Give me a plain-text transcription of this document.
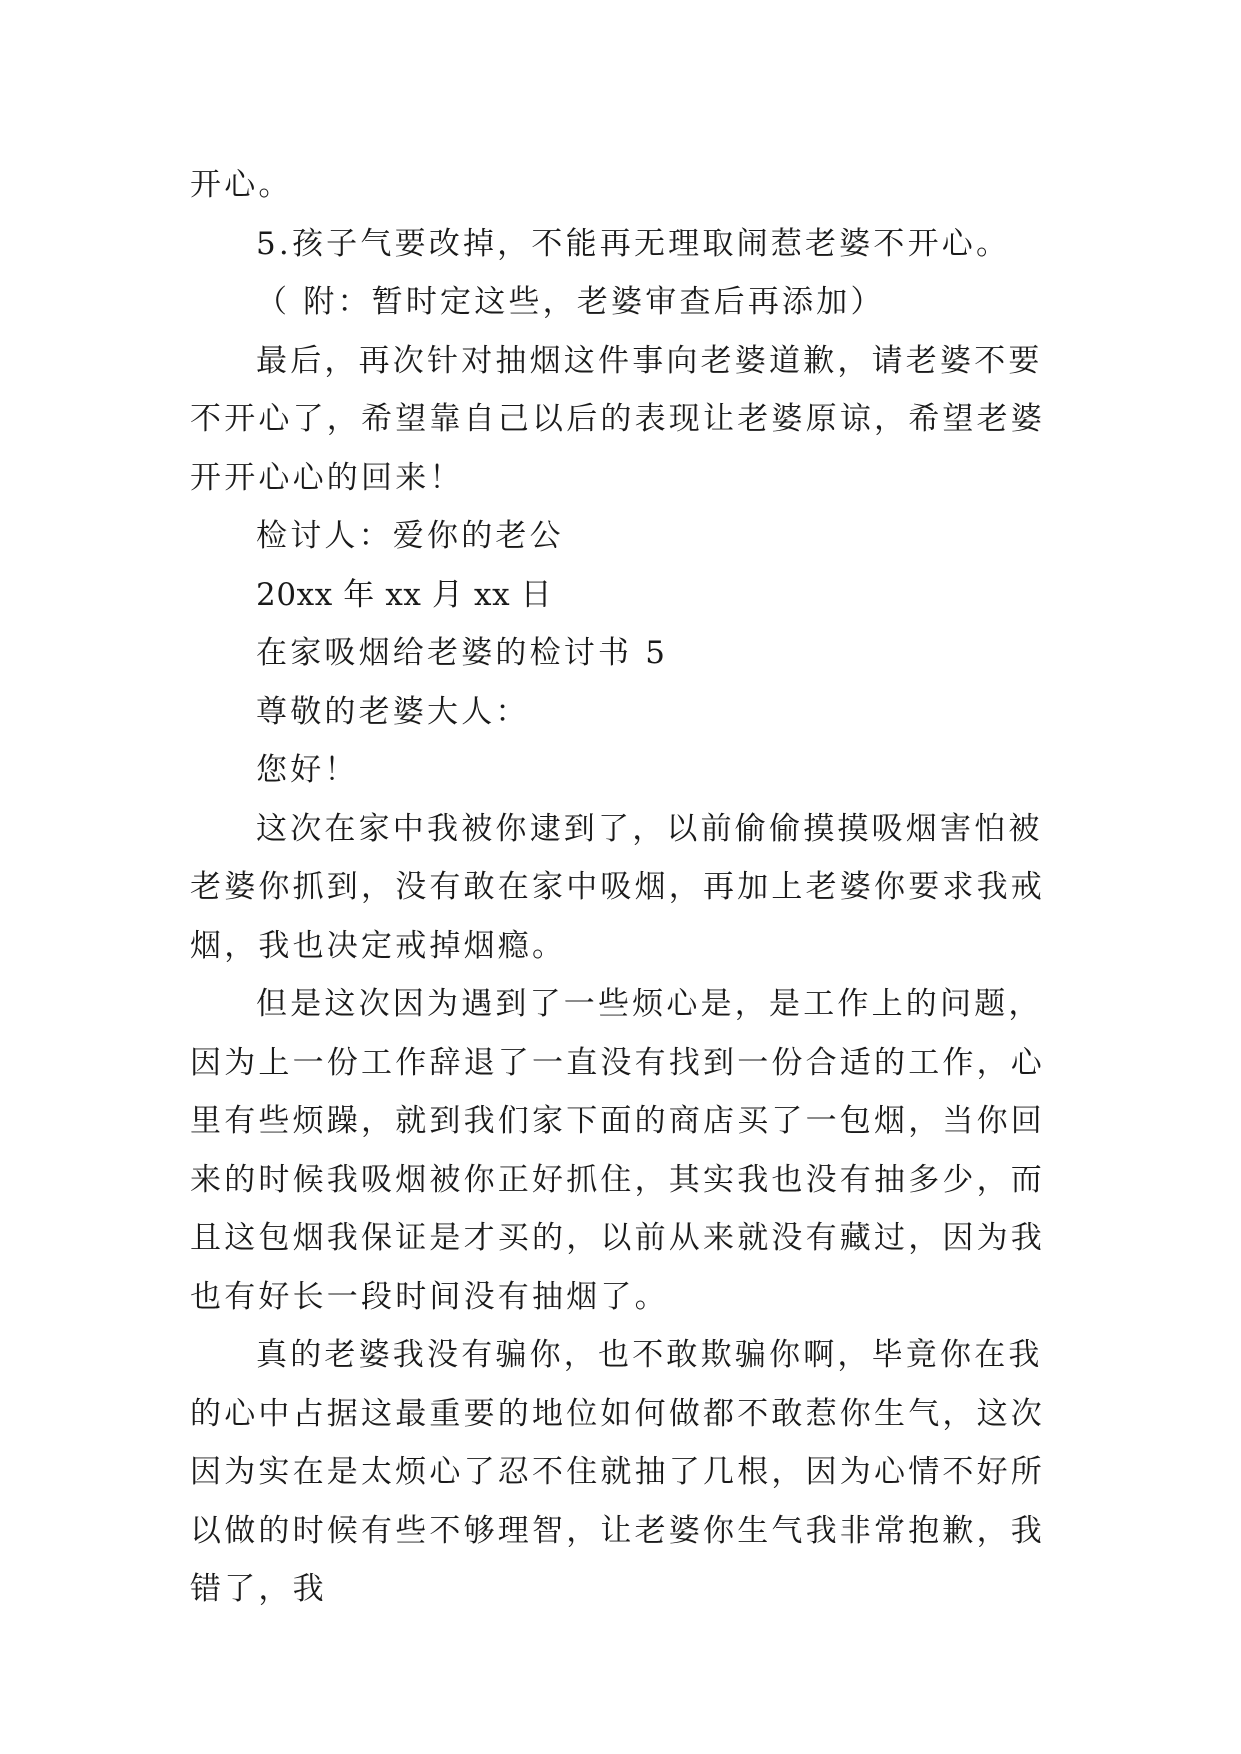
开心。

5.孩子气要改掉，不能再无理取闹惹老婆不开心。

（ 附：暂时定这些，老婆审查后再添加）

最后，再次针对抽烟这件事向老婆道歉，请老婆不要不开心了，希望靠自己以后的表现让老婆原谅，希望老婆开开心心的回来！

检讨人：爱你的老公

20xx 年 xx 月 xx 日

在家吸烟给老婆的检讨书 5

尊敬的老婆大人：

您好！

这次在家中我被你逮到了，以前偷偷摸摸吸烟害怕被老婆你抓到，没有敢在家中吸烟，再加上老婆你要求我戒烟，我也决定戒掉烟瘾。

但是这次因为遇到了一些烦心是，是工作上的问题，因为上一份工作辞退了一直没有找到一份合适的工作，心里有些烦躁，就到我们家下面的商店买了一包烟，当你回来的时候我吸烟被你正好抓住，其实我也没有抽多少，而且这包烟我保证是才买的，以前从来就没有藏过，因为我也有好长一段时间没有抽烟了。

真的老婆我没有骗你，也不敢欺骗你啊，毕竟你在我的心中占据这最重要的地位如何做都不敢惹你生气，这次因为实在是太烦心了忍不住就抽了几根，因为心情不好所以做的时候有些不够理智，让老婆你生气我非常抱歉，我错了，我
